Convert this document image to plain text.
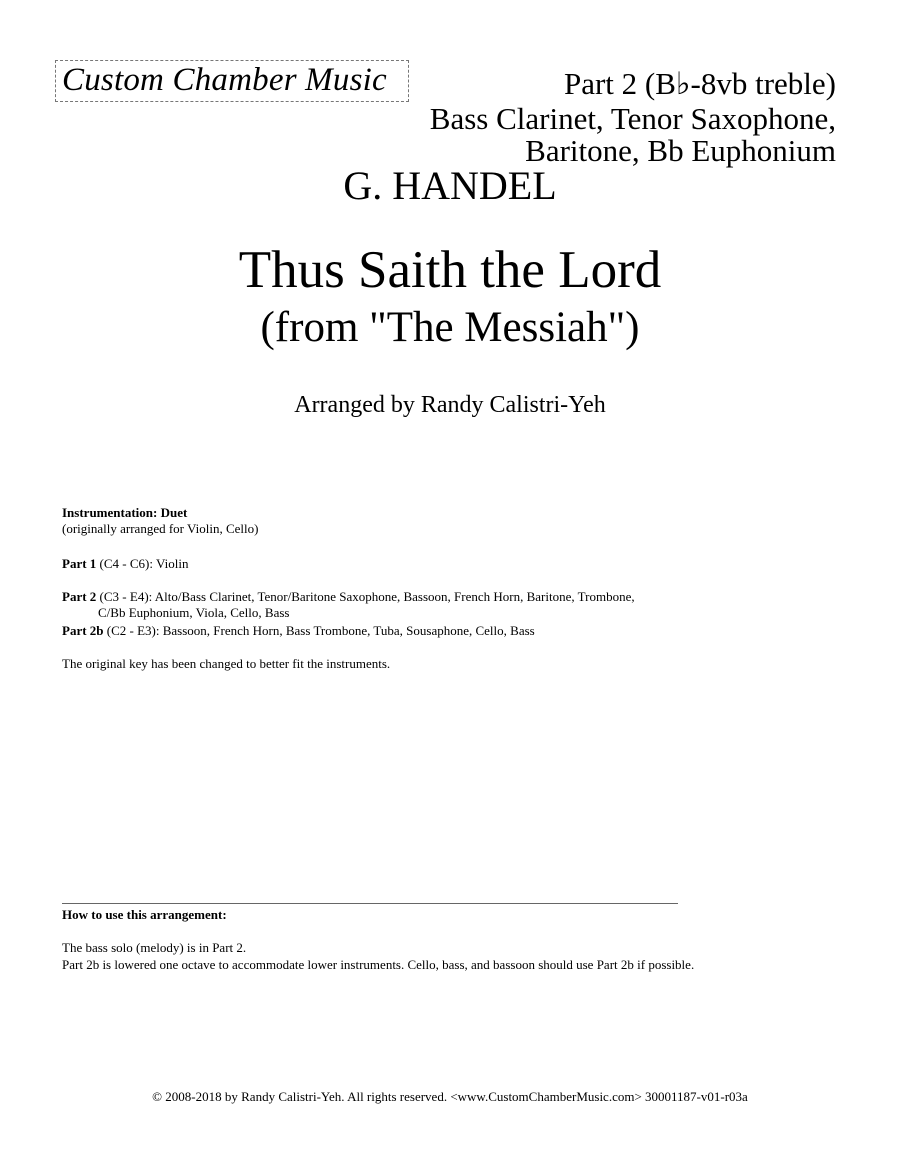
Custom Chamber Music	Part 2 (B♭-8vb treble)
Bass Clarinet, Tenor Saxophone,
Baritone, Bb Euphonium
G. HANDEL
Thus Saith the Lord
(from "The Messiah")
Arranged by Randy Calistri-Yeh
Instrumentation: Duet
(originally arranged for Violin, Cello)
Part 1 (C4 - C6): Violin
Part 2 (C3 - E4): Alto/Bass Clarinet, Tenor/Baritone Saxophone, Bassoon, French Horn, Baritone, Trombone,
C/Bb Euphonium, Viola, Cello, Bass
Part 2b (C2 - E3): Bassoon, French Horn, Bass Trombone, Tuba, Sousaphone, Cello, Bass
The original key has been changed to better fit the instruments.
How to use this arrangement:
The bass solo (melody) is in Part 2.
Part 2b is lowered one octave to accommodate lower instruments. Cello, bass, and bassoon should use Part 2b if possible.
© 2008-2018 by Randy Calistri-Yeh. All rights reserved. <www.CustomChamberMusic.com> 30001187-v01-r03a
